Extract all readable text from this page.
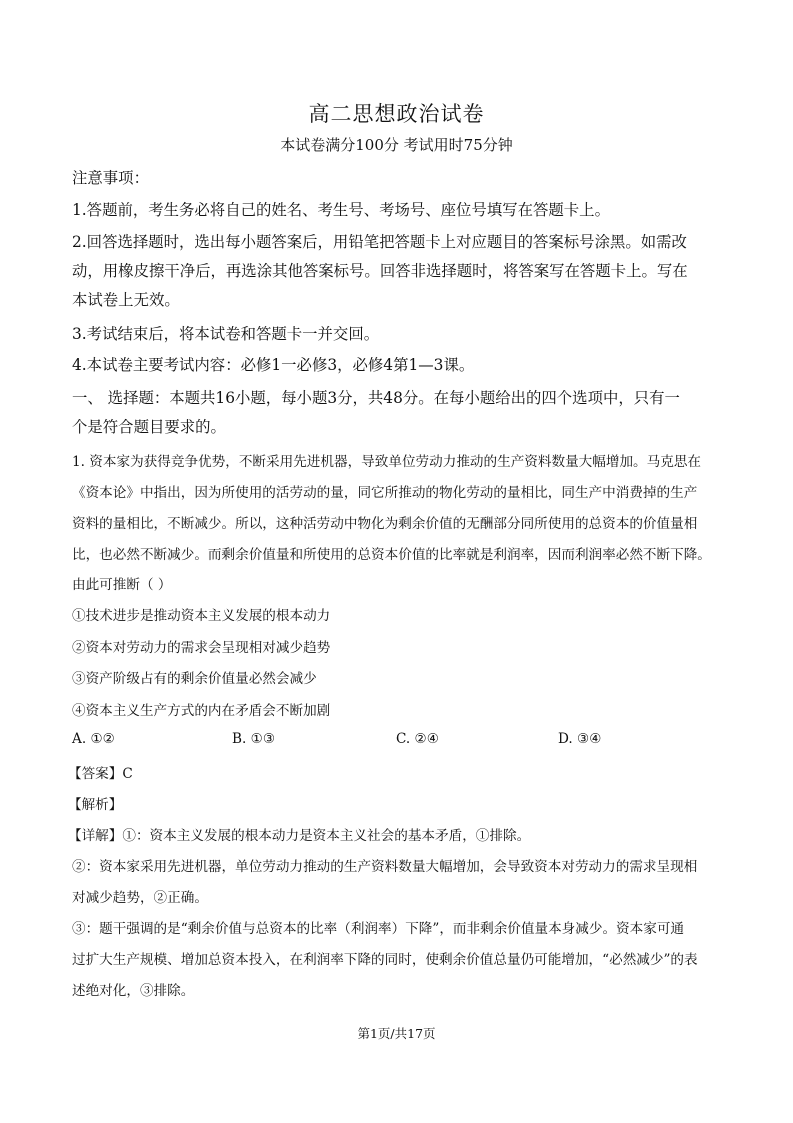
高二思想政治试卷
本试卷满分100分 考试用时75分钟
注意事项：
1.答题前，考生务必将自己的姓名、考生号、考场号、座位号填写在答题卡上。
2.回答选择题时，选出每小题答案后，用铅笔把答题卡上对应题目的答案标号涂黑。如需改
动，用橡皮擦干净后，再选涂其他答案标号。回答非选择题时，将答案写在答题卡上。写在
本试卷上无效。
3.考试结束后，将本试卷和答题卡一并交回。
4.本试卷主要考试内容：必修1一必修3，必修4第1—3课。
一、 选择题：本题共16小题，每小题3分，共48分。在每小题给出的四个选项中，只有一
个是符合题目要求的。
1. 资本家为获得竞争优势，不断采用先进机器，导致单位劳动力推动的生产资料数量大幅增加。马克思在
《资本论》中指出，因为所使用的活劳动的量，同它所推动的物化劳动的量相比，同生产中消费掉的生产
资料的量相比，不断减少。所以，这种活劳动中物化为剩余价值的无酬部分同所使用的总资本的价值量相
比，也必然不断减少。而剩余价值量和所使用的总资本价值的比率就是利润率，因而利润率必然不断下降。
由此可推断（ ）
①技术进步是推动资本主义发展的根本动力
②资本对劳动力的需求会呈现相对减少趋势
③资产阶级占有的剩余价值量必然会减少
④资本主义生产方式的内在矛盾会不断加剧
A. ①②	B. ①③	C. ②④	D. ③④
【答案】C
【解析】
【详解】①：资本主义发展的根本动力是资本主义社会的基本矛盾，①排除。
②：资本家采用先进机器，单位劳动力推动的生产资料数量大幅增加，会导致资本对劳动力的需求呈现相
对减少趋势，②正确。
③：题干强调的是“剩余价值与总资本的比率（利润率）下降”，而非剩余价值量本身减少。资本家可通
过扩大生产规模、增加总资本投入，在利润率下降的同时，使剩余价值总量仍可能增加，“必然减少”的表
述绝对化，③排除。
第1页/共17页
